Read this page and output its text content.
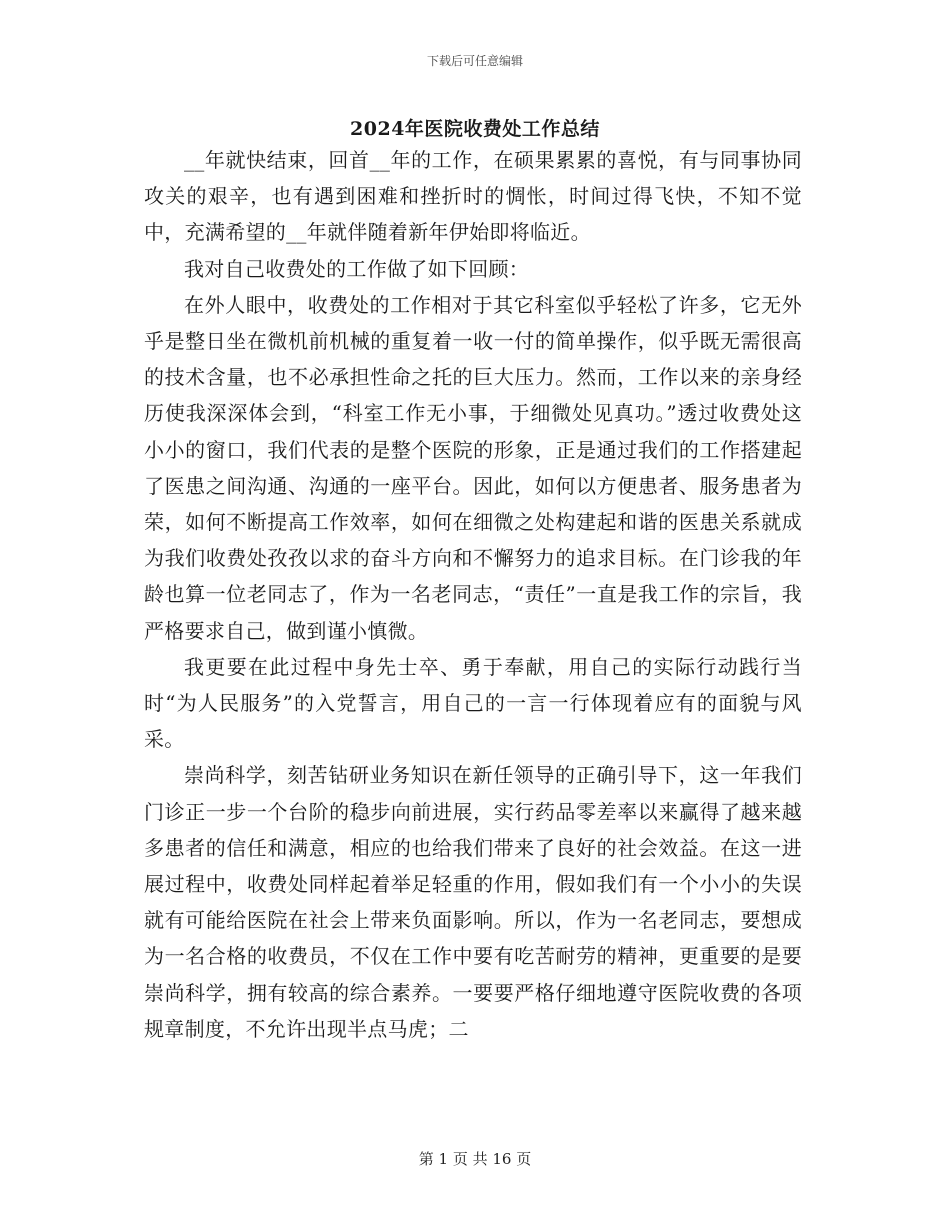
下载后可任意编辑
2024年医院收费处工作总结

__年就快结束，回首__年的工作，在硕果累累的喜悦，有与同事协同攻关的艰辛，也有遇到困难和挫折时的惆怅，时间过得飞快，不知不觉中，充满希望的__年就伴随着新年伊始即将临近。

我对自己收费处的工作做了如下回顾：

在外人眼中，收费处的工作相对于其它科室似乎轻松了许多，它无外乎是整日坐在微机前机械的重复着一收一付的简单操作，似乎既无需很高的技术含量，也不必承担性命之托的巨大压力。然而，工作以来的亲身经历使我深深体会到，“科室工作无小事，于细微处见真功。”透过收费处这小小的窗口，我们代表的是整个医院的形象，正是通过我们的工作搭建起了医患之间沟通、沟通的一座平台。因此，如何以方便患者、服务患者为荣，如何不断提高工作效率，如何在细微之处构建起和谐的医患关系就成为我们收费处孜孜以求的奋斗方向和不懈努力的追求目标。在门诊我的年龄也算一位老同志了，作为一名老同志，“责任”一直是我工作的宗旨，我严格要求自己，做到谨小慎微。

我更要在此过程中身先士卒、勇于奉献，用自己的实际行动践行当时“为人民服务”的入党誓言，用自己的一言一行体现着应有的面貌与风采。

崇尚科学，刻苦钻研业务知识在新任领导的正确引导下，这一年我们门诊正一步一个台阶的稳步向前进展，实行药品零差率以来赢得了越来越多患者的信任和满意，相应的也给我们带来了良好的社会效益。在这一进展过程中，收费处同样起着举足轻重的作用，假如我们有一个小小的失误就有可能给医院在社会上带来负面影响。所以，作为一名老同志，要想成为一名合格的收费员，不仅在工作中要有吃苦耐劳的精神，更重要的是要崇尚科学，拥有较高的综合素养。一要要严格仔细地遵守医院收费的各项规章制度，不允许出现半点马虎；二

第 1 页 共 16 页
